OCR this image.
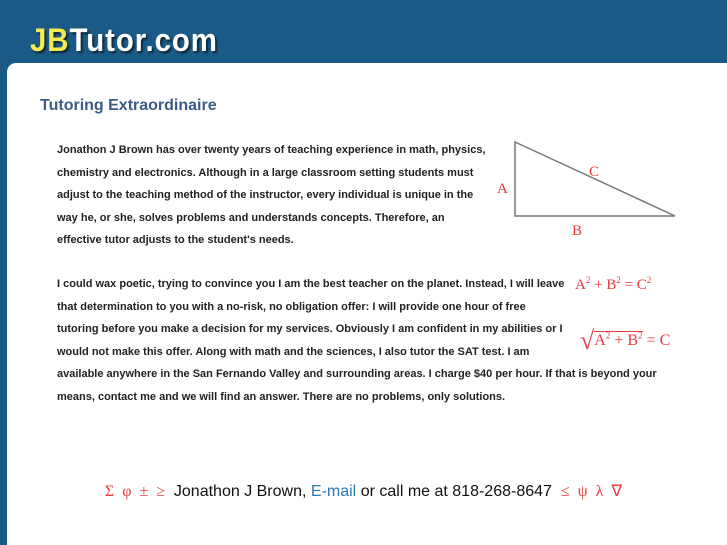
JBTutor.com
Tutoring Extraordinaire
Jonathon J Brown has over twenty years of teaching experience in math, physics, chemistry and electronics. Although in a large classroom setting students must adjust to the teaching method of the instructor, every individual is unique in the way he, or she, solves problems and understands concepts. Therefore, an effective tutor adjusts to the student's needs.
A
B
C
I could wax poetic, trying to convince you I am the best teacher on the planet. Instead, I will leave that determination to you with a no-risk, no obligation offer: I will provide one hour of free tutoring before you make a decision for my services. Obviously I am confident in my abilities or I would not make this offer. Along with math and the sciences, I also tutor the SAT test. I am available anywhere in the San Fernando Valley and surrounding areas. I charge $40 per hour. If that is beyond your means, contact me and we will find an answer. There are no problems, only solutions.
$A^2 + B^2 = C^2$
$√A^2 + B^2 = C$
Σ φ ± ≥ Jonathon J Brown, E-mail or call me at 818-268-8647 ≤ ψ λ ∇
